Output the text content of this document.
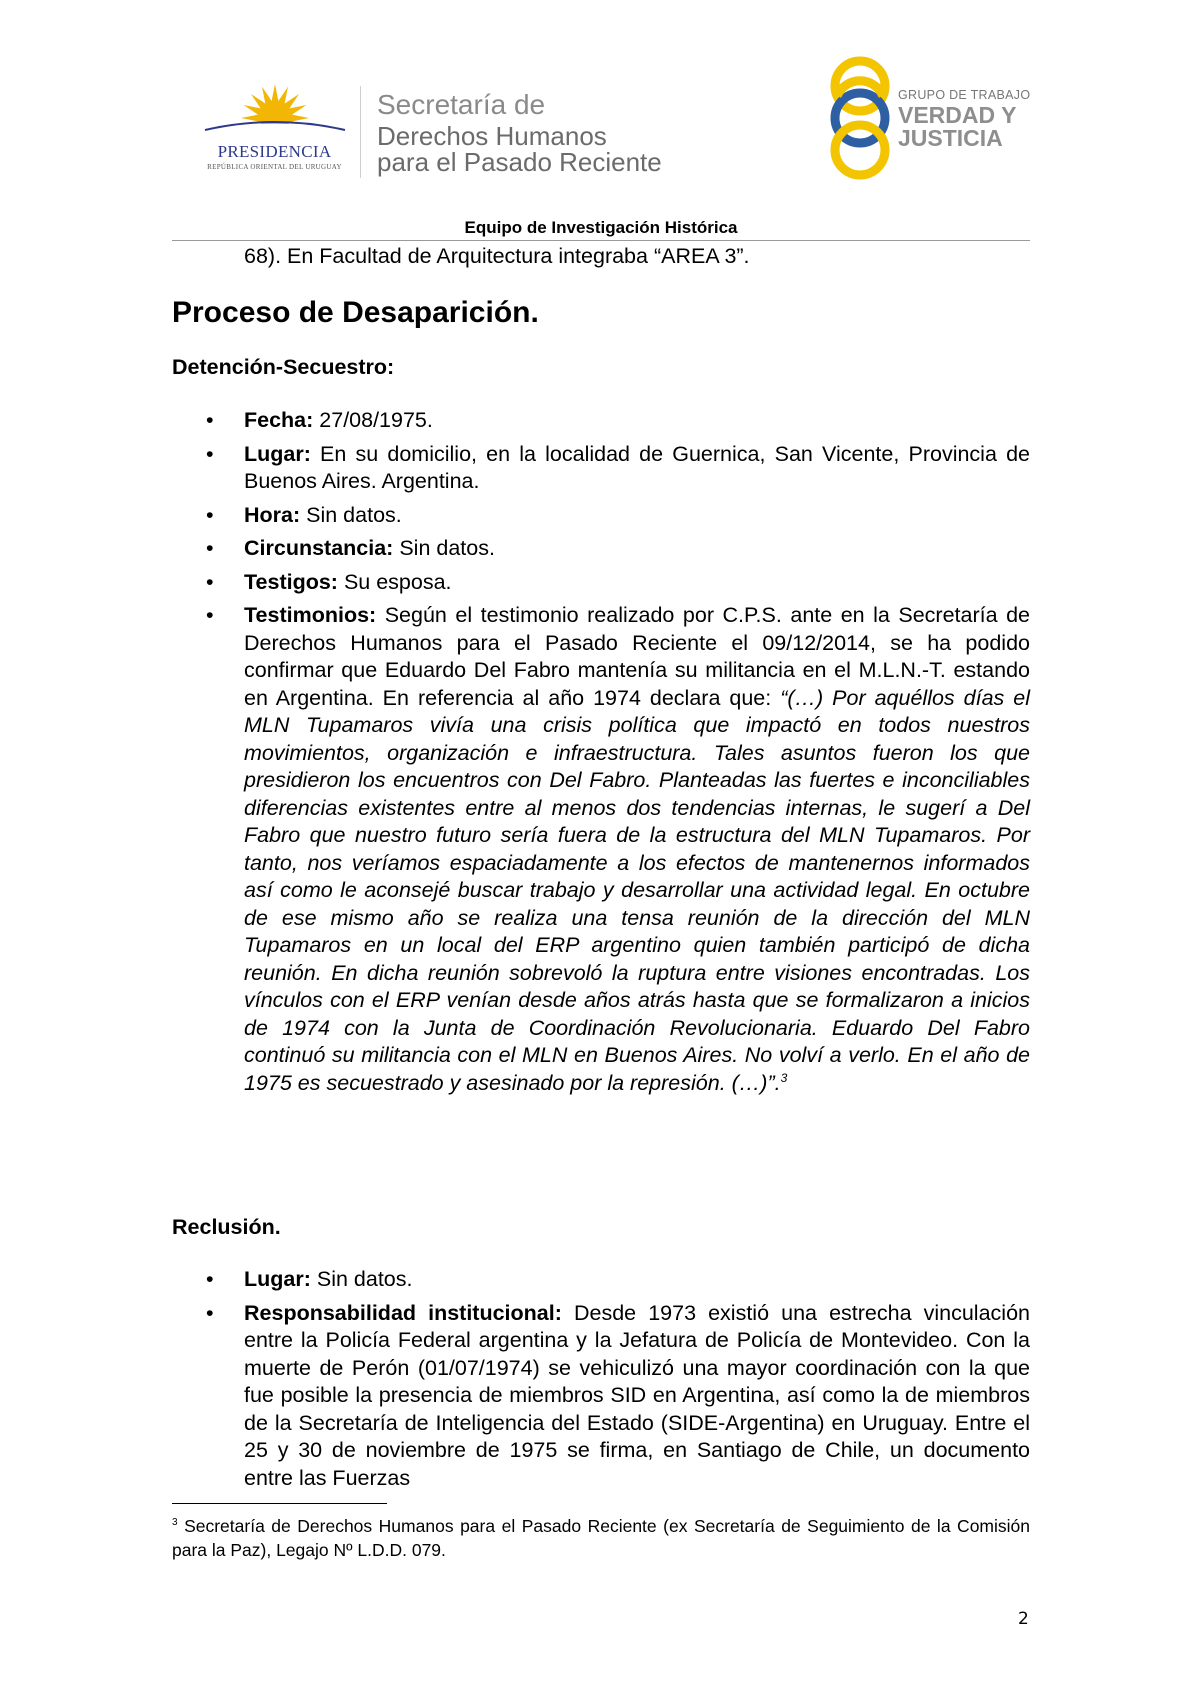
PRESIDENCIA
REPÚBLICA ORIENTAL DEL URUGUAY
Secretaría de
Derechos Humanos
para el Pasado Reciente
GRUPO DE TRABAJO
VERDAD Y
JUSTICIA
Equipo de Investigación Histórica
68). En Facultad de Arquitectura integraba “AREA 3”.
Proceso de Desaparición.
Detención-Secuestro:
• Fecha: 27/08/1975.
• Lugar: En su domicilio, en la localidad de Guernica, San Vicente, Provincia de Buenos Aires. Argentina.
• Hora: Sin datos.
• Circunstancia: Sin datos.
• Testigos: Su esposa.
• Testimonios: Según el testimonio realizado por C.P.S. ante en la Secretaría de Derechos Humanos para el Pasado Reciente el 09/12/2014, se ha podido confirmar que Eduardo Del Fabro mantenía su militancia en el M.L.N.-T. estando en Argentina. En referencia al año 1974 declara que: “(…) Por aquéllos días el MLN Tupamaros vivía una crisis política que impactó en todos nuestros movimientos, organización e infraestructura. Tales asuntos fueron los que presidieron los encuentros con Del Fabro. Planteadas las fuertes e inconciliables diferencias existentes entre al menos dos tendencias internas, le sugerí a Del Fabro que nuestro futuro sería fuera de la estructura del MLN Tupamaros. Por tanto, nos veríamos espaciadamente a los efectos de mantenernos informados así como le aconsejé buscar trabajo y desarrollar una actividad legal. En octubre de ese mismo año se realiza una tensa reunión de la dirección del MLN Tupamaros en un local del ERP argentino quien también participó de dicha reunión. En dicha reunión sobrevoló la ruptura entre visiones encontradas. Los vínculos con el ERP venían desde años atrás hasta que se formalizaron a inicios de 1974 con la Junta de Coordinación Revolucionaria. Eduardo Del Fabro continuó su militancia con el MLN en Buenos Aires. No volví a verlo. En el año de 1975 es secuestrado y asesinado por la represión. (…)”.$^3$
Reclusión.
• Lugar: Sin datos.
• Responsabilidad institucional: Desde 1973 existió una estrecha vinculación entre la Policía Federal argentina y la Jefatura de Policía de Montevideo. Con la muerte de Perón (01/07/1974) se vehiculizó una mayor coordinación con la que fue posible la presencia de miembros SID en Argentina, así como la de miembros de la Secretaría de Inteligencia del Estado (SIDE-Argentina) en Uruguay. Entre el 25 y 30 de noviembre de 1975 se firma, en Santiago de Chile, un documento entre las Fuerzas
$^3$ Secretaría de Derechos Humanos para el Pasado Reciente (ex Secretaría de Seguimiento de la Comisión para la Paz), Legajo Nº L.D.D. 079.
2
